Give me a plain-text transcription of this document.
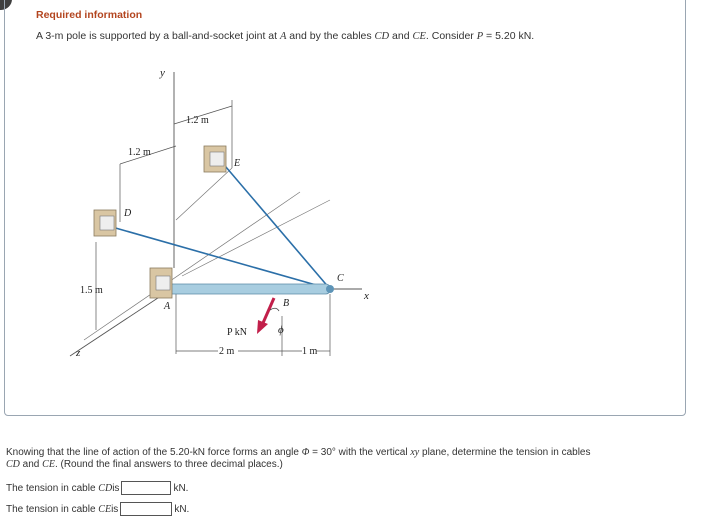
Required information
A 3-m pole is supported by a ball-and-socket joint at A and by the cables CD and CE. Consider P = 5.20 kN.
y
z
x
A	B
C
D
E
ϕ
P kN
1.2 m
1.2 m
1.5 m
2 m	1 m
Knowing that the line of action of the 5.20-kN force forms an angle Φ = 30° with the vertical xy plane, determine the tension in cables
CD and CE. (Round the final answers to three decimal places.)
The tension in cable
CD is	kN.
The tension in cable
CE is	kN.
